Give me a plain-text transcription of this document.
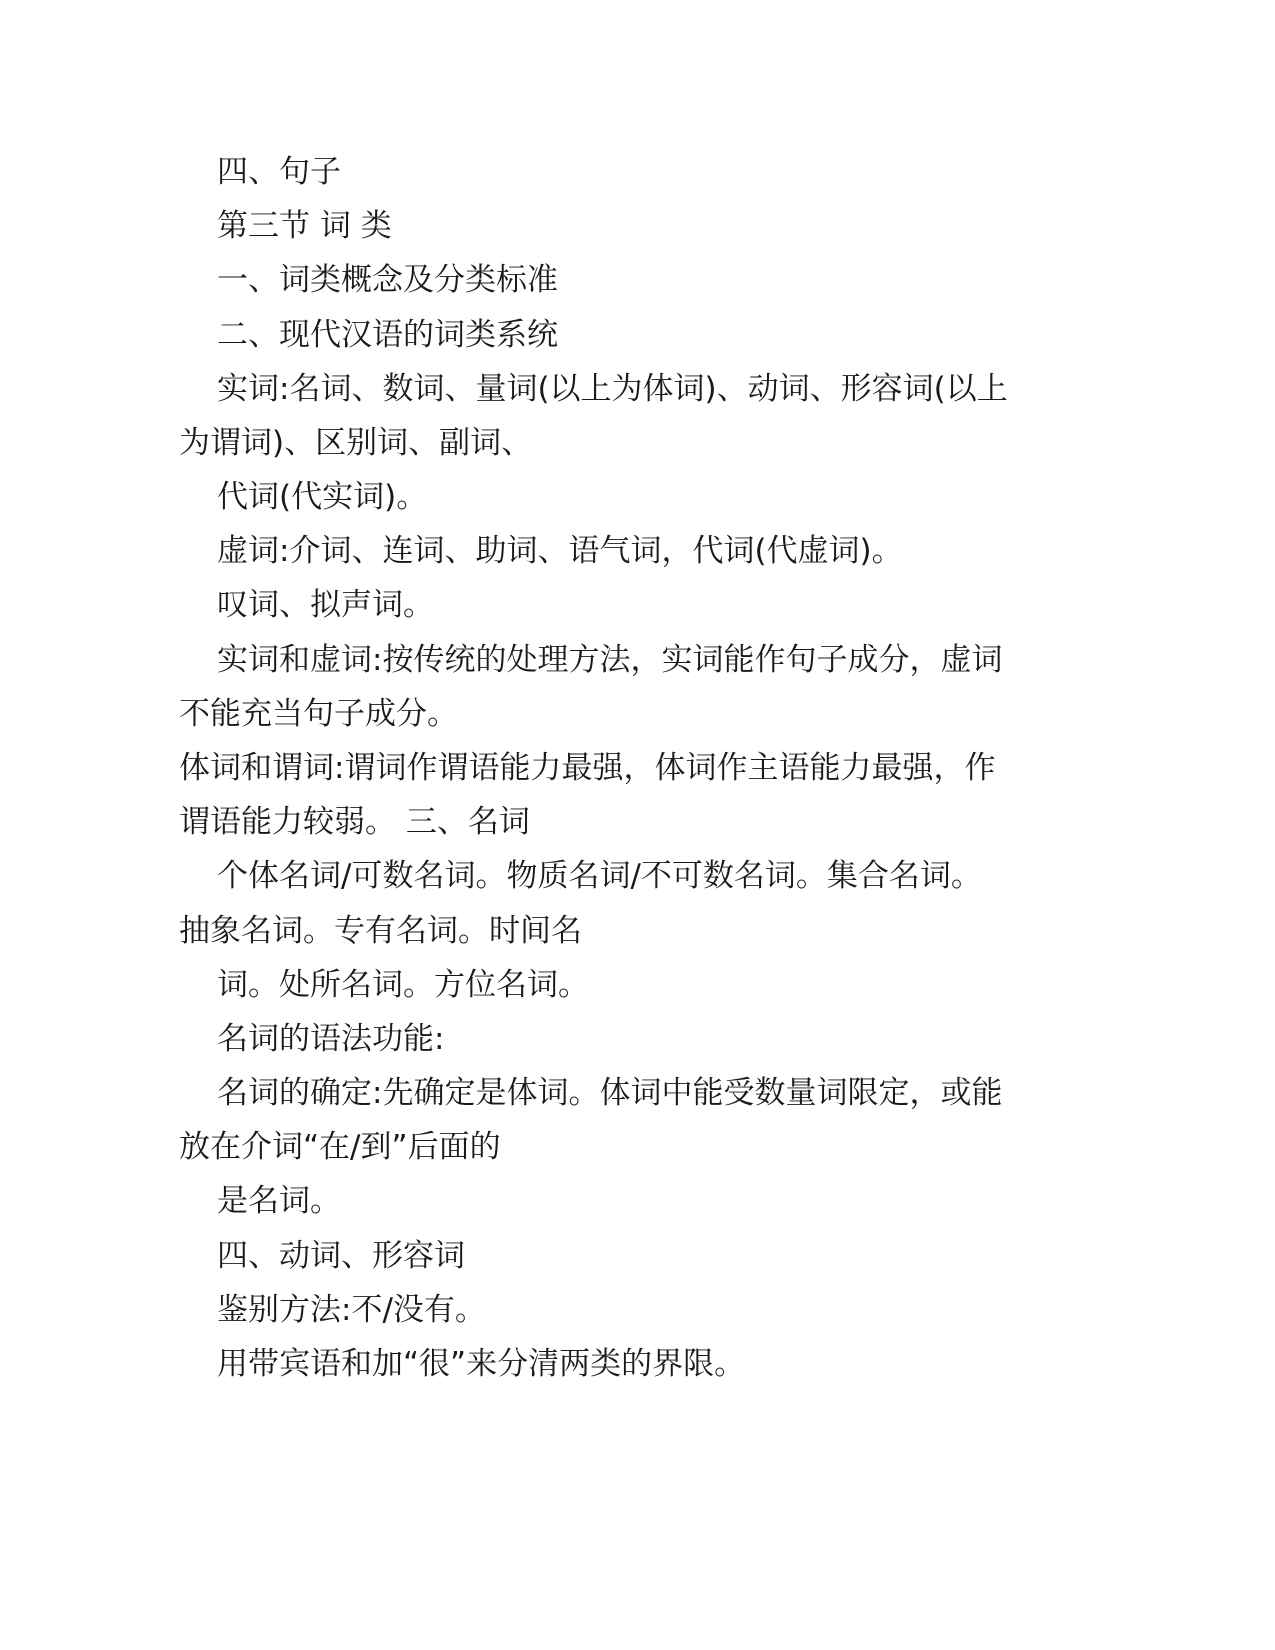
四、句子
第三节 词 类
一、词类概念及分类标准
二、现代汉语的词类系统
实词:名词、数词、量词(以上为体词)、动词、形容词(以上
为谓词)、区别词、副词、
代词(代实词)。
虚词:介词、连词、助词、语气词，代词(代虚词)。
叹词、拟声词。
实词和虚词:按传统的处理方法，实词能作句子成分，虚词
不能充当句子成分。
体词和谓词:谓词作谓语能力最强，体词作主语能力最强，作
谓语能力较弱。 三、名词
个体名词/可数名词。物质名词/不可数名词。集合名词。
抽象名词。专有名词。时间名
词。处所名词。方位名词。
名词的语法功能:
名词的确定:先确定是体词。体词中能受数量词限定，或能
放在介词“在/到”后面的
是名词。
四、动词、形容词
鉴别方法:不/没有。
用带宾语和加“很”来分清两类的界限。
